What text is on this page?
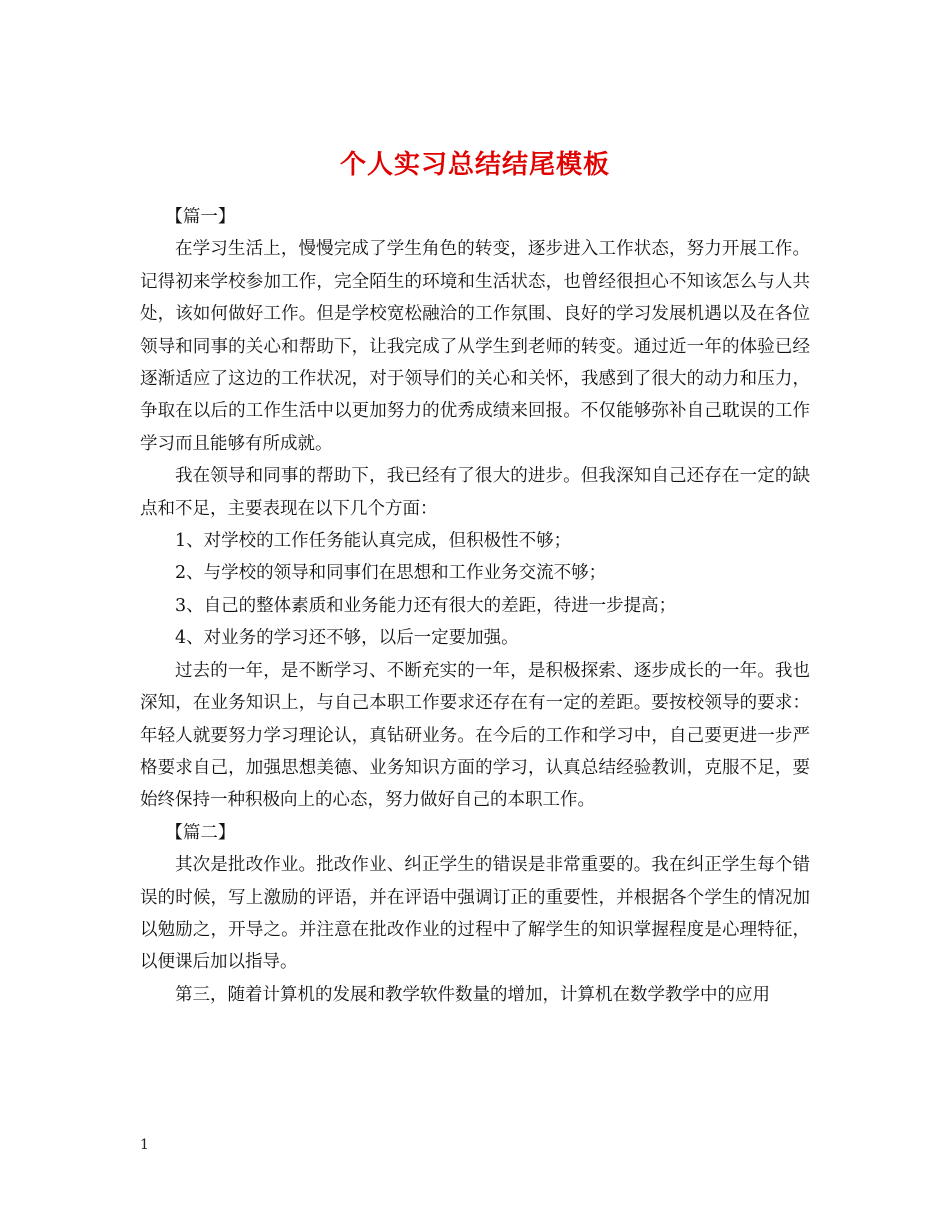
个人实习总结结尾模板

【篇一】

在学习生活上，慢慢完成了学生角色的转变，逐步进入工作状态，努力开展工作。记得初来学校参加工作，完全陌生的环境和生活状态，也曾经很担心不知该怎么与人共处，该如何做好工作。但是学校宽松融洽的工作氛围、良好的学习发展机遇以及在各位领导和同事的关心和帮助下，让我完成了从学生到老师的转变。通过近一年的体验已经逐渐适应了这边的工作状况，对于领导们的关心和关怀，我感到了很大的动力和压力，争取在以后的工作生活中以更加努力的优秀成绩来回报。不仅能够弥补自己耽误的工作学习而且能够有所成就。

我在领导和同事的帮助下，我已经有了很大的进步。但我深知自己还存在一定的缺点和不足，主要表现在以下几个方面：

1、对学校的工作任务能认真完成，但积极性不够；

2、与学校的领导和同事们在思想和工作业务交流不够；

3、自己的整体素质和业务能力还有很大的差距，待进一步提高；

4、对业务的学习还不够，以后一定要加强。

过去的一年，是不断学习、不断充实的一年，是积极探索、逐步成长的一年。我也深知，在业务知识上，与自己本职工作要求还存在有一定的差距。要按校领导的要求：年轻人就要努力学习理论认，真钻研业务。在今后的工作和学习中，自己要更进一步严格要求自己，加强思想美德、业务知识方面的学习，认真总结经验教训，克服不足，要始终保持一种积极向上的心态，努力做好自己的本职工作。

【篇二】

其次是批改作业。批改作业、纠正学生的错误是非常重要的。我在纠正学生每个错误的时候，写上激励的评语，并在评语中强调订正的重要性，并根据各个学生的情况加以勉励之，开导之。并注意在批改作业的过程中了解学生的知识掌握程度是心理特征，以便课后加以指导。

第三，随着计算机的发展和教学软件数量的增加，计算机在数学教学中的应用

1
